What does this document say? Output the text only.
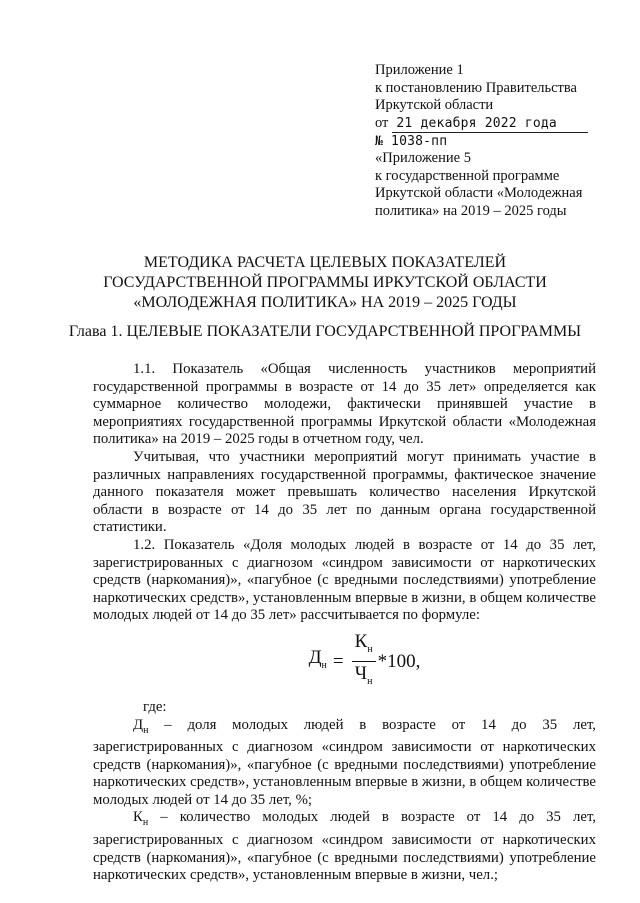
Приложение 1
к постановлению Правительства
Иркутской области
от 21 декабря 2022 года
№ 1038-пп
«Приложение 5
к государственной программе
Иркутской области «Молодежная
политика» на 2019 – 2025 годы
МЕТОДИКА РАСЧЕТА ЦЕЛЕВЫХ ПОКАЗАТЕЛЕЙ
ГОСУДАРСТВЕННОЙ ПРОГРАММЫ ИРКУТСКОЙ ОБЛАСТИ
«МОЛОДЕЖНАЯ ПОЛИТИКА» НА 2019 – 2025 ГОДЫ
Глава 1. ЦЕЛЕВЫЕ ПОКАЗАТЕЛИ ГОСУДАРСТВЕННОЙ ПРОГРАММЫ

1.1. Показатель «Общая численность участников мероприятий государственной программы в возрасте от 14 до 35 лет» определяется как суммарное количество молодежи, фактически принявшей участие в мероприятиях государственной программы Иркутской области «Молодежная политика» на 2019 – 2025 годы в отчетном году, чел.

Учитывая, что участники мероприятий могут принимать участие в различных направлениях государственной программы, фактическое значение данного показателя может превышать количество населения Иркутской области в возрасте от 14 до 35 лет по данным органа государственной статистики.

1.2. Показатель «Доля молодых людей в возрасте от 14 до 35 лет, зарегистрированных с диагнозом «синдром зависимости от наркотических средств (наркомания)», «пагубное (с вредными последствиями) употребление наркотических средств», установленным впервые в жизни, в общем количестве молодых людей от 14 до 35 лет» рассчитывается по формуле:

$Д_н = \frac{К_н}{Ч_н} *100$,

где:

$Д_н$ – доля молодых людей в возрасте от 14 до 35 лет, зарегистрированных с диагнозом «синдром зависимости от наркотических средств (наркомания)», «пагубное (с вредными последствиями) употребление наркотических средств», установленным впервые в жизни, в общем количестве молодых людей от 14 до 35 лет, %;

$К_н$ – количество молодых людей в возрасте от 14 до 35 лет, зарегистрированных с диагнозом «синдром зависимости от наркотических средств (наркомания)», «пагубное (с вредными последствиями) употребление наркотических средств», установленным впервые в жизни, чел.;
